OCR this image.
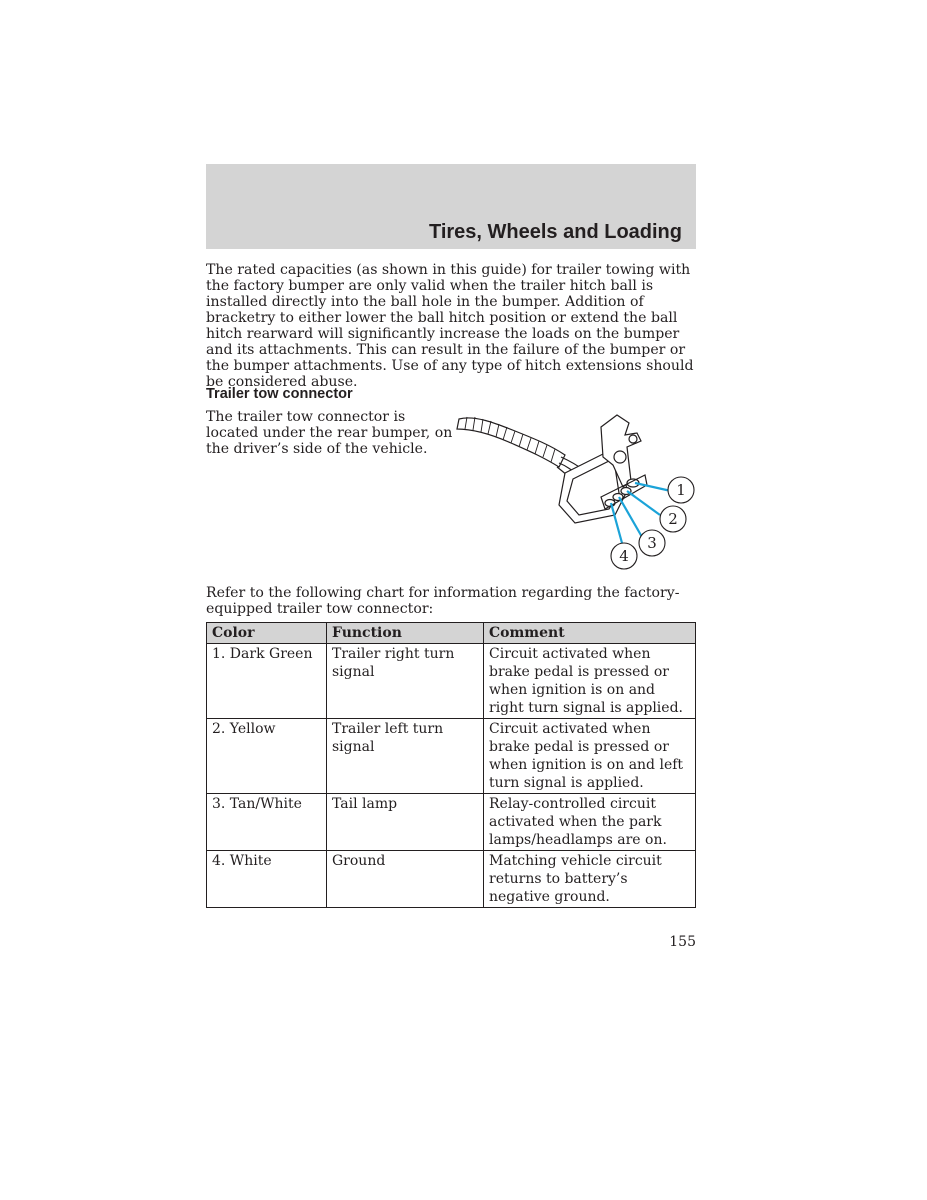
Tires, Wheels and Loading
The rated capacities (as shown in this guide) for trailer towing with the factory bumper are only valid when the trailer hitch ball is installed directly into the ball hole in the bumper. Addition of bracketry to either lower the ball hitch position or extend the ball hitch rearward will significantly increase the loads on the bumper and its attachments. This can result in the failure of the bumper or the bumper attachments. Use of any type of hitch extensions should be considered abuse.
Trailer tow connector
The trailer tow connector is located under the rear bumper, on the driver’s side of the vehicle.
1
2
3
4
Refer to the following chart for information regarding the factory-equipped trailer tow connector:
Color	Function	Comment
1. Dark Green	Trailer right turn signal	Circuit activated when brake pedal is pressed or when ignition is on and right turn signal is applied.
2. Yellow	Trailer left turn signal	Circuit activated when brake pedal is pressed or when ignition is on and left turn signal is applied.
3. Tan/White	Tail lamp	Relay-controlled circuit activated when the park lamps/headlamps are on.
4. White	Ground	Matching vehicle circuit returns to battery’s negative ground.
155
